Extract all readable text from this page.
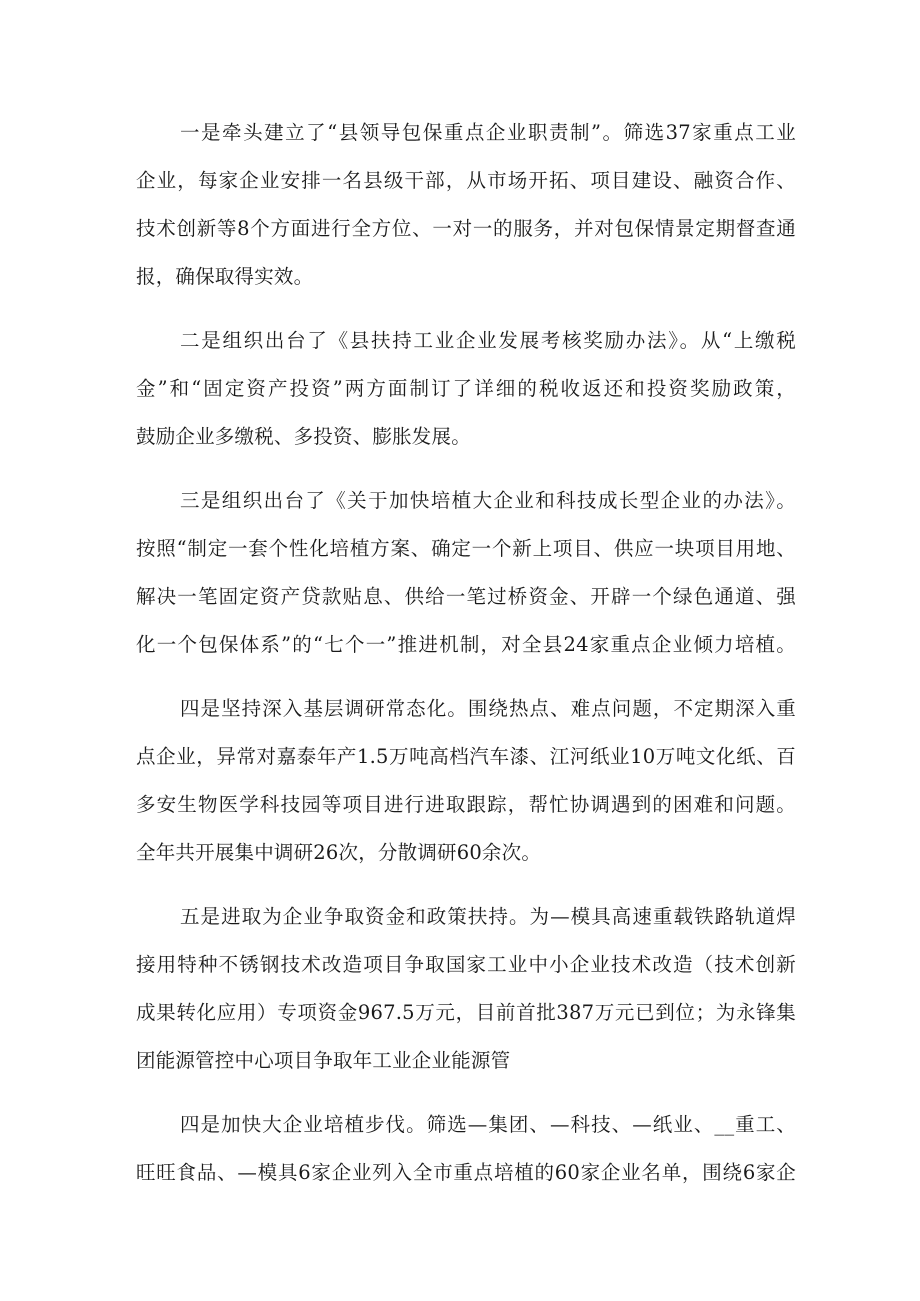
一是牵头建立了“县领导包保重点企业职责制”。筛选37家重点工业
企业，每家企业安排一名县级干部，从市场开拓、项目建设、融资合作、
技术创新等8个方面进行全方位、一对一的服务，并对包保情景定期督查通
报，确保取得实效。
二是组织出台了《县扶持工业企业发展考核奖励办法》。从“上缴税
金”和“固定资产投资”两方面制订了详细的税收返还和投资奖励政策，
鼓励企业多缴税、多投资、膨胀发展。
三是组织出台了《关于加快培植大企业和科技成长型企业的办法》。
按照“制定一套个性化培植方案、确定一个新上项目、供应一块项目用地、
解决一笔固定资产贷款贴息、供给一笔过桥资金、开辟一个绿色通道、强
化一个包保体系”的“七个一”推进机制，对全县24家重点企业倾力培植。
四是坚持深入基层调研常态化。围绕热点、难点问题，不定期深入重
点企业，异常对嘉泰年产1.5万吨高档汽车漆、江河纸业10万吨文化纸、百
多安生物医学科技园等项目进行进取跟踪，帮忙协调遇到的困难和问题。
全年共开展集中调研26次，分散调研60余次。
五是进取为企业争取资金和政策扶持。为—模具高速重载铁路轨道焊
接用特种不锈钢技术改造项目争取国家工业中小企业技术改造（技术创新
成果转化应用）专项资金967.5万元，目前首批387万元已到位；为永锋集
团能源管控中心项目争取年工业企业能源管
四是加快大企业培植步伐。筛选—集团、—科技、—纸业、__重工、
旺旺食品、—模具6家企业列入全市重点培植的60家企业名单，围绕6家企
